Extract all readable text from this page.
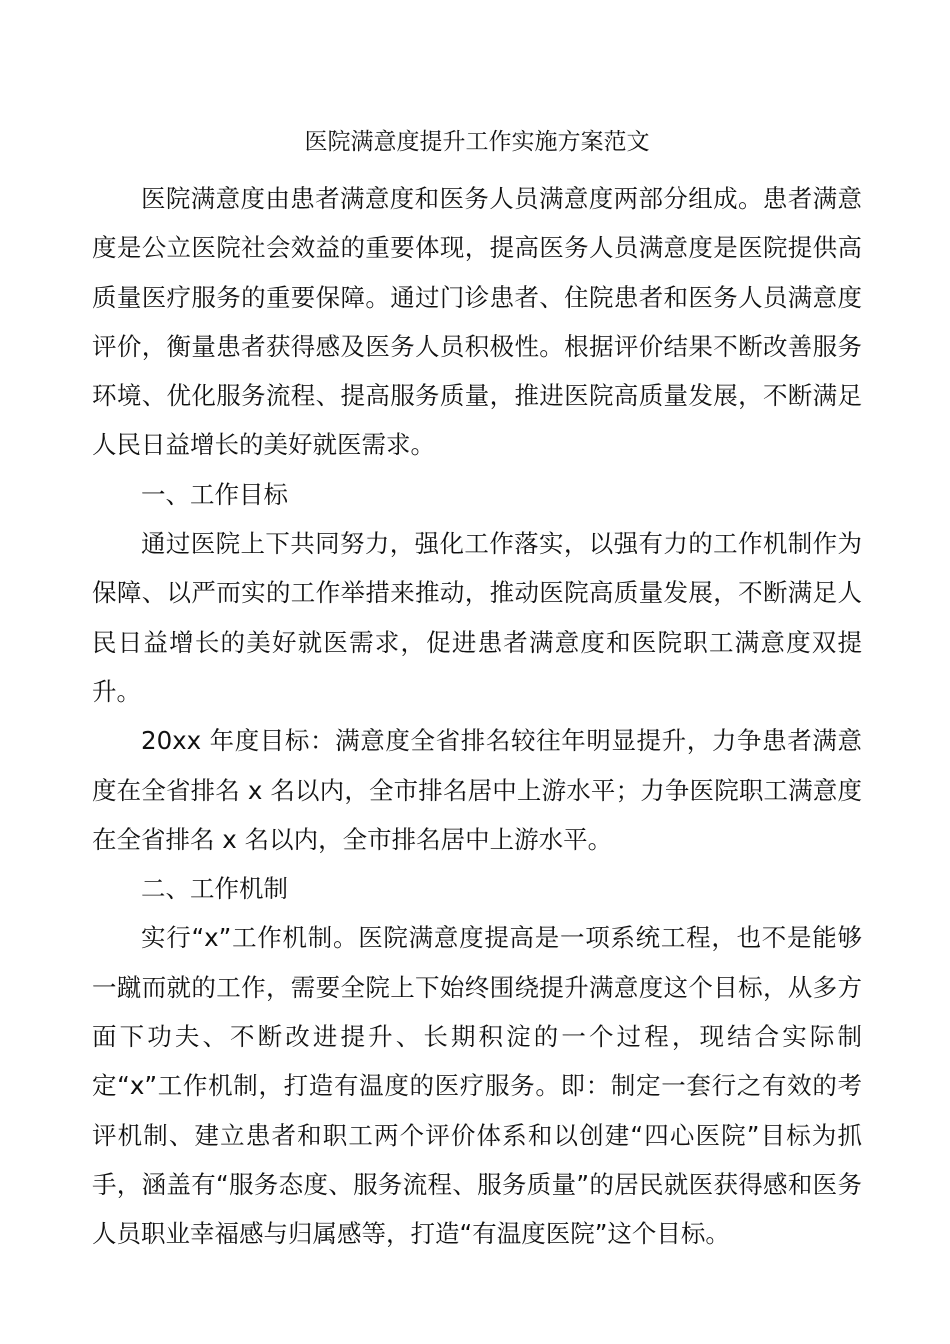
医院满意度提升工作实施方案范文

医院满意度由患者满意度和医务人员满意度两部分组成。患者满意度是公立医院社会效益的重要体现，提高医务人员满意度是医院提供高质量医疗服务的重要保障。通过门诊患者、住院患者和医务人员满意度评价，衡量患者获得感及医务人员积极性。根据评价结果不断改善服务环境、优化服务流程、提高服务质量，推进医院高质量发展，不断满足人民日益增长的美好就医需求。

一、工作目标

通过医院上下共同努力，强化工作落实，以强有力的工作机制作为保障、以严而实的工作举措来推动，推动医院高质量发展，不断满足人民日益增长的美好就医需求，促进患者满意度和医院职工满意度双提升。

20xx 年度目标：满意度全省排名较往年明显提升，力争患者满意度在全省排名 x 名以内，全市排名居中上游水平；力争医院职工满意度在全省排名 x 名以内，全市排名居中上游水平。

二、工作机制

实行“x”工作机制。医院满意度提高是一项系统工程，也不是能够一蹴而就的工作，需要全院上下始终围绕提升满意度这个目标，从多方面下功夫、不断改进提升、长期积淀的一个过程，现结合实际制定“x”工作机制，打造有温度的医疗服务。即：制定一套行之有效的考评机制、建立患者和职工两个评价体系和以创建“四心医院”目标为抓手，涵盖有“服务态度、服务流程、服务质量”的居民就医获得感和医务人员职业幸福感与归属感等，打造“有温度医院”这个目标。
